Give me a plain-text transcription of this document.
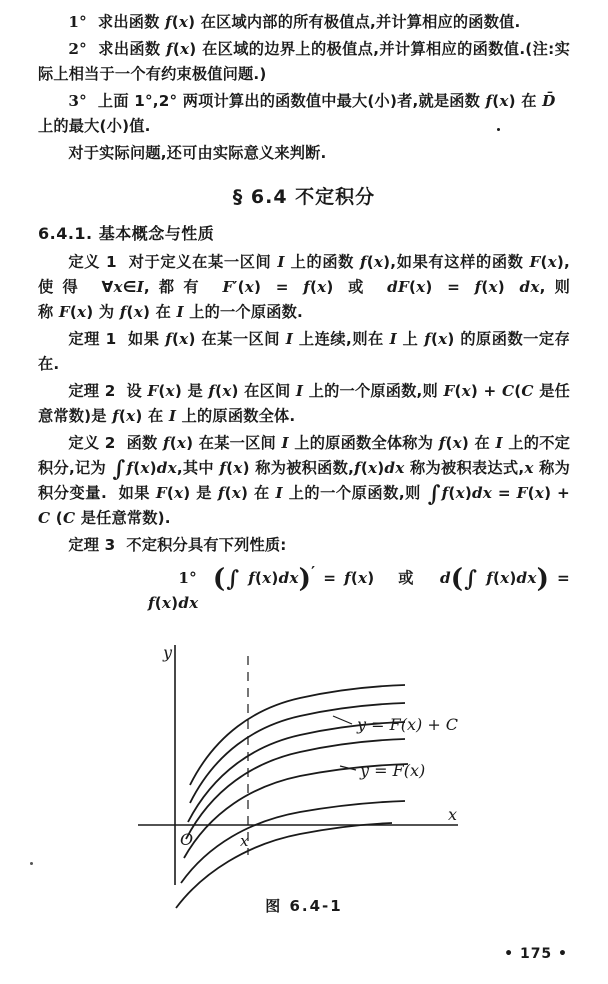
1°  求出函数 f(x) 在区域内部的所有极值点,并计算相应的函数值.

2°  求出函数 f(x) 在区域的边界上的极值点,并计算相应的函数值.(注:实际上相当于一个有约束极值问题.)

3°  上面 1°,2° 两项计算出的函数值中最大(小)者,就是函数 f(x) 在 D̄
上的最大(小)值.

对于实际问题,还可由实际意义来判断.

§ 6.4 不定积分
6.4.1. 基本概念与性质

定义 1  对于定义在某一区间 I 上的函数 f(x),如果有这样的函数 F(x),使得 ∀x∈I,都有 F′(x) = f(x) 或 dF(x) = f(x) dx,则称 F(x) 为 f(x) 在 I 上的一个原函数.

定理 1  如果 f(x) 在某一区间 I 上连续,则在 I 上 f(x) 的原函数一定存在.

定理 2  设 F(x) 是 f(x) 在区间 I 上的一个原函数,则 F(x) + C(C 是任意常数)是 f(x) 在 I 上的原函数全体.

定义 2  函数 f(x) 在某一区间 I 上的原函数全体称为 f(x) 在 I 上的不定积分,记为 ∫f(x)dx,其中 f(x) 称为被积函数,f(x)dx 称为被积表达式,x 称为积分变量.  如果 F(x) 是 f(x) 在 I 上的一个原函数,则 ∫f(x)dx = F(x) + C (C 是任意常数).

定理 3  不定积分具有下列性质:

1° (∫ f(x)dx)′ = f(x)   或   d(∫ f(x)dx) = f(x)dx

y
x
O	x
y = F(x) + C
y = F(x)
图 6.4-1
• 175 •
